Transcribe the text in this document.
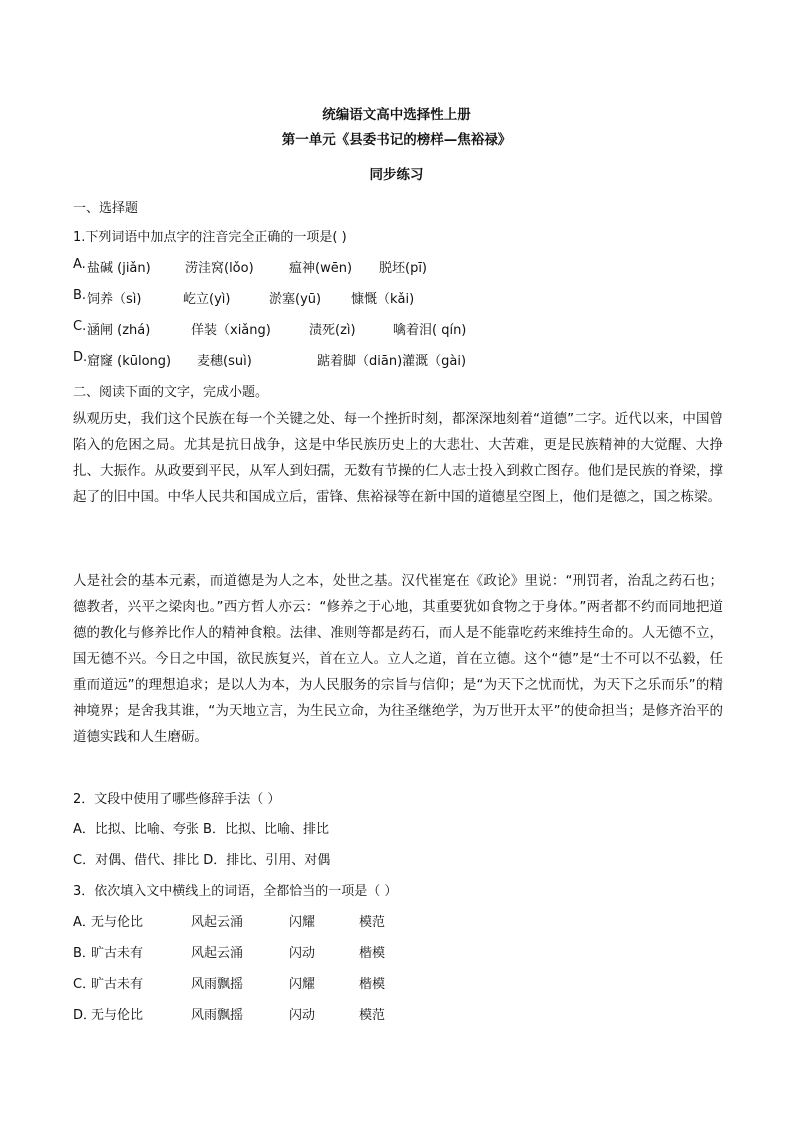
统编语文高中选择性上册
第一单元《县委书记的榜样—焦裕禄》
同步练习
一、选择题
1.下列词语中加点字的注音完全正确的一项是( )
A. 盐碱 (jiǎn)	涝洼窝(lǒo)	瘟神(wēn) 脱坯(pī)
B. 饲养（sì)	屹立(yì)	淤塞(yū) 慷慨（kǎi)
C. 涵闸 (zhá)	佯装（xiǎng)	渍死(zì)	噙着泪( qín)
D. 窟窿 (kūlong) 麦穗(suì)	踮着脚（diān)灌溉（gài)
二、阅读下面的文字，完成小题。
纵观历史，我们这个民族在每一个关键之处、每一个挫折时刻，都深深地刻着“道德”二字。近代以来，中国曾陷入的危困之局。尤其是抗日战争，这是中华民族历史上的大悲壮、大苦难，更是民族精神的大觉醒、大挣扎、大振作。从政要到平民，从军人到妇孺，无数有节操的仁人志士投入到救亡图存。他们是民族的脊梁，撑起了的旧中国。中华人民共和国成立后，雷锋、焦裕禄等在新中国的道德星空图上，他们是德之，国之栋梁。
人是社会的基本元素，而道德是为人之本，处世之基。汉代崔寔在《政论》里说：“刑罚者，治乱之药石也；德教者，兴平之梁肉也。”西方哲人亦云：“修养之于心地，其重要犹如食物之于身体。”两者都不约而同地把道德的教化与修养比作人的精神食粮。法律、准则等都是药石，而人是不能靠吃药来维持生命的。人无德不立，国无德不兴。今日之中国，欲民族复兴，首在立人。立人之道，首在立德。这个“德”是“士不可以不弘毅，任重而道远”的理想追求；是以人为本，为人民服务的宗旨与信仰；是“为天下之忧而忧，为天下之乐而乐”的精神境界；是舍我其谁，“为天地立言，为生民立命，为往圣继绝学，为万世开太平”的使命担当；是修齐治平的道德实践和人生磨砺。
2．文段中使用了哪些修辞手法（ ）
A．比拟、比喻、夸张 B．比拟、比喻、排比
C．对偶、借代、排比 D．排比、引用、对偶
3．依次填入文中横线上的词语，全都恰当的一项是（ ）
A．
无与伦比	风起云涌	闪耀	模范
B．
旷古未有	风起云涌	闪动	楷模
C．
旷古未有	风雨飘摇	闪耀	楷模
D．
无与伦比	风雨飘摇	闪动	模范
